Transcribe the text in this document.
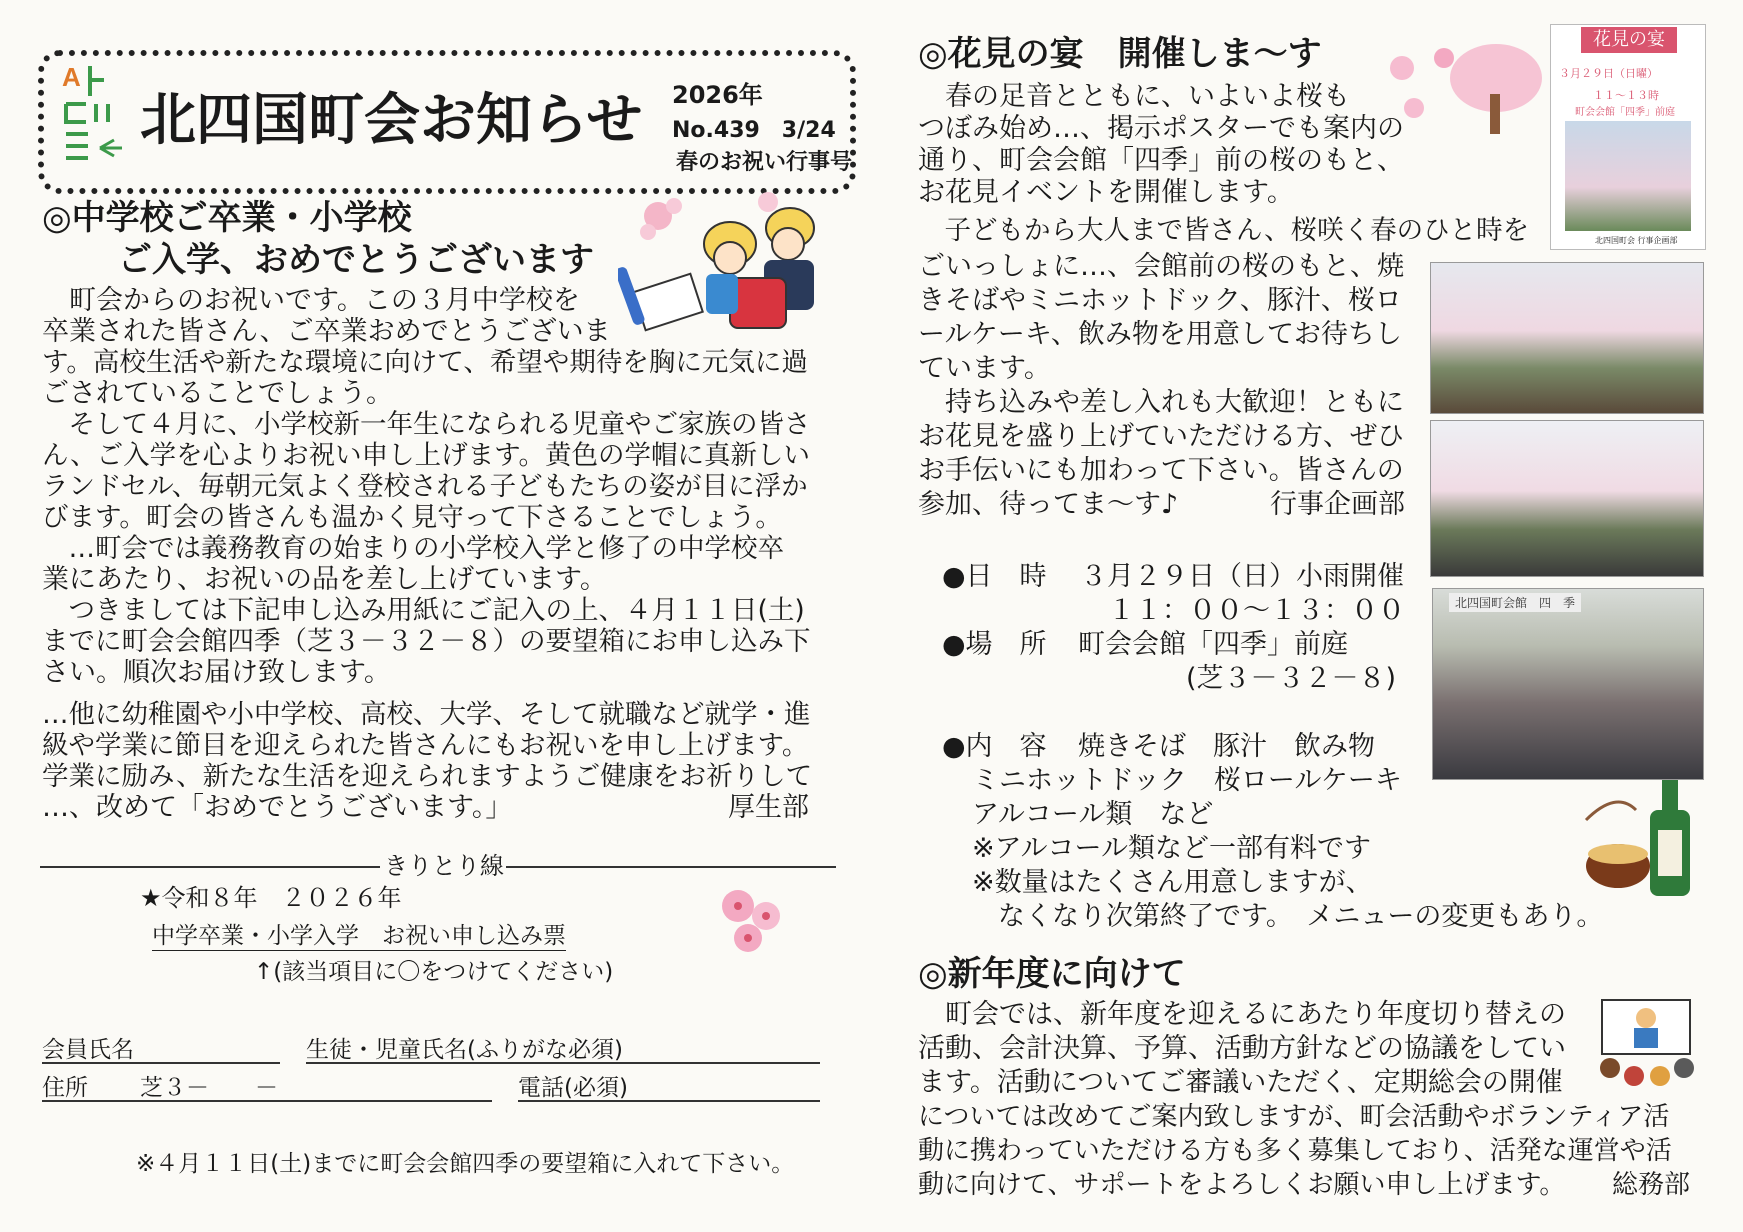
A
北四国町会お知らせ 2026年
No.439　3/24
春のお祝い行事号
◎中学校ご卒業・小学校
ご入学、おめでとうございます
　町会からのお祝いです。この３月中学校を
卒業された皆さん、ご卒業おめでとうございま
す。高校生活や新たな環境に向けて、希望や期待を胸に元気に過
ごされていることでしょう。
　そして４月に、小学校新一年生になられる児童やご家族の皆さ
ん、ご入学を心よりお祝い申し上げます。黄色の学帽に真新しい
ランドセル、毎朝元気よく登校される子どもたちの姿が目に浮か
びます。町会の皆さんも温かく見守って下さることでしょう。
　…町会では義務教育の始まりの小学校入学と修了の中学校卒
業にあたり、お祝いの品を差し上げています。
　つきましては下記申し込み用紙にご記入の上、４月１１日(土)
までに町会会館四季（芝３－３２－８）の要望箱にお申し込み下
さい。順次お届け致します。
…他に幼稚園や小中学校、高校、大学、そして就職など就学・進
級や学業に節目を迎えられた皆さんにもお祝いを申し上げます。
学業に励み、新たな生活を迎えられますようご健康をお祈りして
…、改めて「おめでとうございます。」	厚生部
きりとり線
★令和８年　２０２６年
中学卒業・小学入学　お祝い申し込み票
↑(該当項目に〇をつけてください)
会員氏名	生徒・児童氏名(ふりがな必須)
住所 芝３－　　－	電話(必須)
※４月１１日(土)までに町会会館四季の要望箱に入れて下さい。
◎花見の宴　開催しま～す	花見の宴
３月２９日（日曜）
１１～１３時
町会会館「四季」前庭
北四国町会 行事企画部
　春の足音とともに、いよいよ桜も
つぼみ始め…、掲示ポスターでも案内の
通り、町会会館「四季」前の桜のもと、
お花見イベントを開催します。
　子どもから大人まで皆さん、桜咲く春のひと時を
ごいっしょに…、会館前の桜のもと、焼
きそばやミニホットドック、豚汁、桜ロ
ールケーキ、飲み物を用意してお待ちし
ています。
　持ち込みや差し入れも大歓迎！ともに
お花見を盛り上げていただける方、ぜひ
お手伝いにも加わって下さい。皆さんの
参加、待ってま～す♪	行事企画部
北四国町会館　四　季
●日　時 ３月２９日（日）小雨開催
１１：００～１３：００
●場　所 町会会館「四季」前庭
(芝３－３２－８)
●内　容 焼きそば　豚汁　飲み物
ミニホットドック　桜ロールケーキ
アルコール類　など
※アルコール類など一部有料です
※数量はたくさん用意しますが、
なくなり次第終了です。　メニューの変更もあり。
◎新年度に向けて
　町会では、新年度を迎えるにあたり年度切り替えの
活動、会計決算、予算、活動方針などの協議をしてい
ます。活動についてご審議いただく、定期総会の開催
については改めてご案内致しますが、町会活動やボランティア活
動に携わっていただける方も多く募集しており、活発な運営や活
動に向けて、サポートをよろしくお願い申し上げます。 総務部
